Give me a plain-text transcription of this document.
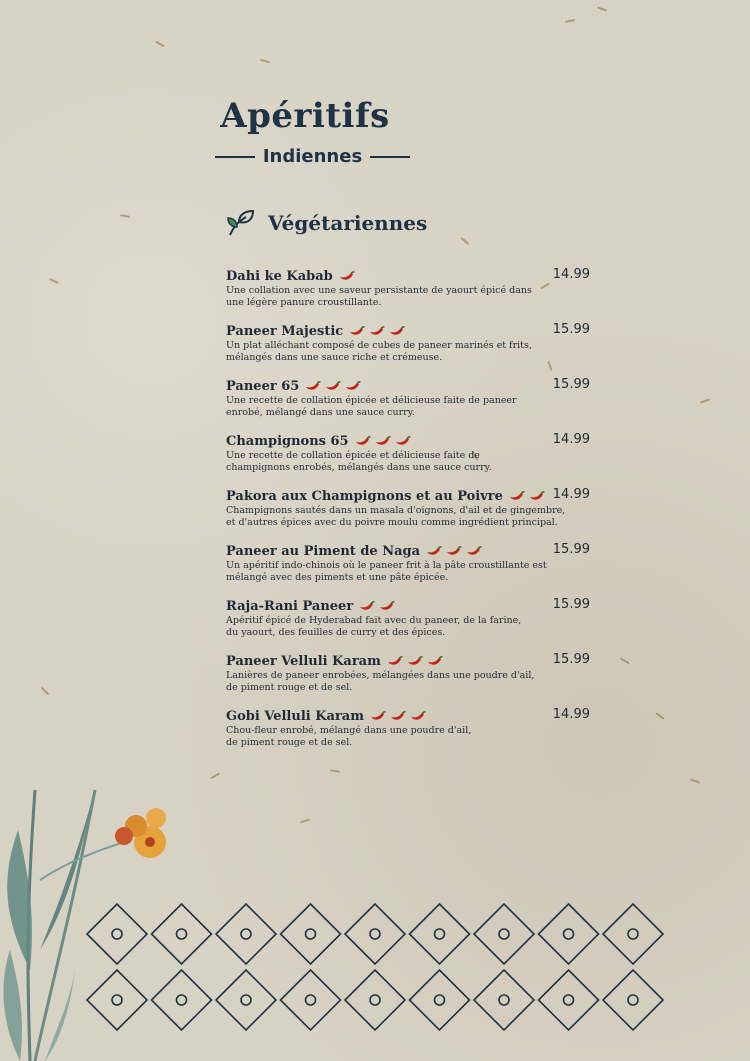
Apéritifs
Indiennes
Végétariennes
Dahi ke Kabab	14.99
Une collation avec une saveur persistante de yaourt épicé dans
une légère panure croustillante.
Paneer Majestic	15.99
Un plat alléchant composé de cubes de paneer marinés et frits,
mélangés dans une sauce riche et crémeuse.
Paneer 65	15.99
Une recette de collation épicée et délicieuse faite de paneer
enrobé, mélangé dans une sauce curry.
Champignons 65	14.99
Une recette de collation épicée et délicieuse faite de
champignons enrobés, mélangés dans une sauce curry.
Pakora aux Champignons et au Poivre	14.99
Champignons sautés dans un masala d'oignons, d'ail et de gingembre,
et d'autres épices avec du poivre moulu comme ingrédient principal.
Paneer au Piment de Naga	15.99
Un apéritif indo-chinois où le paneer frit à la pâte croustillante est
mélangé avec des piments et une pâte épicée.
Raja-Rani Paneer	15.99
Apéritif épicé de Hyderabad fait avec du paneer, de la farine,
du yaourt, des feuilles de curry et des épices.
Paneer Velluli Karam	15.99
Lanières de paneer enrobées, mélangées dans une poudre d'ail,
de piment rouge et de sel.
Gobi Velluli Karam	14.99
Chou-fleur enrobé, mélangé dans une poudre d'ail,
de piment rouge et de sel.
